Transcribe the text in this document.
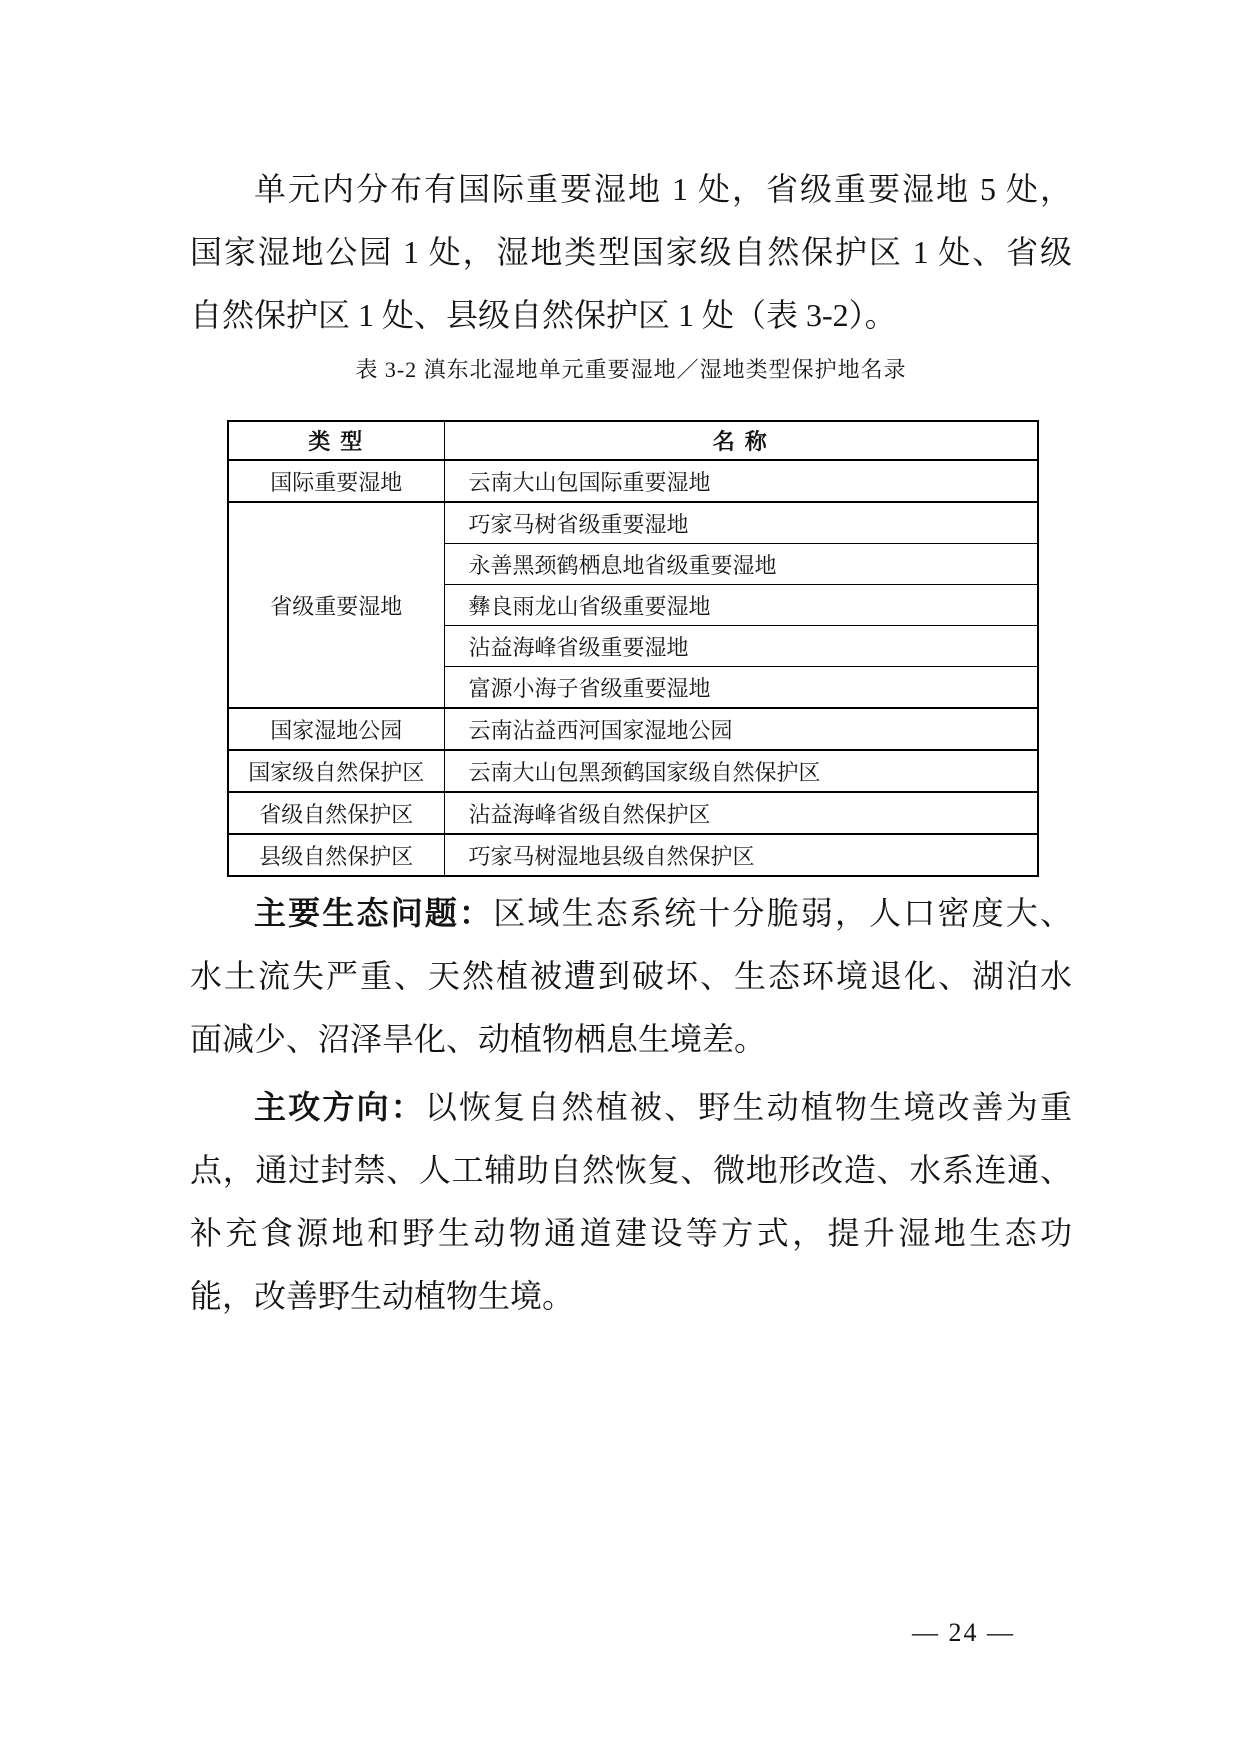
单元内分布有国际重要湿地 1 处，省级重要湿地 5 处，
国家湿地公园 1 处，湿地类型国家级自然保护区 1 处、省级
自然保护区 1 处、县级自然保护区 1 处（表 3-2）。
表 3-2 滇东北湿地单元重要湿地／湿地类型保护地名录
类 型	名 称
国际重要湿地	云南大山包国际重要湿地
省级重要湿地	巧家马树省级重要湿地
	永善黑颈鹤栖息地省级重要湿地
	彝良雨龙山省级重要湿地
	沾益海峰省级重要湿地
	富源小海子省级重要湿地
国家湿地公园	云南沾益西河国家湿地公园
国家级自然保护区	云南大山包黑颈鹤国家级自然保护区
省级自然保护区	沾益海峰省级自然保护区
县级自然保护区	巧家马树湿地县级自然保护区
主要生态问题：区域生态系统十分脆弱，人口密度大、
水土流失严重、天然植被遭到破坏、生态环境退化、湖泊水
面减少、沼泽旱化、动植物栖息生境差。
主攻方向：以恢复自然植被、野生动植物生境改善为重
点，通过封禁、人工辅助自然恢复、微地形改造、水系连通、
补充食源地和野生动物通道建设等方式，提升湿地生态功
能，改善野生动植物生境。
— 24 —
